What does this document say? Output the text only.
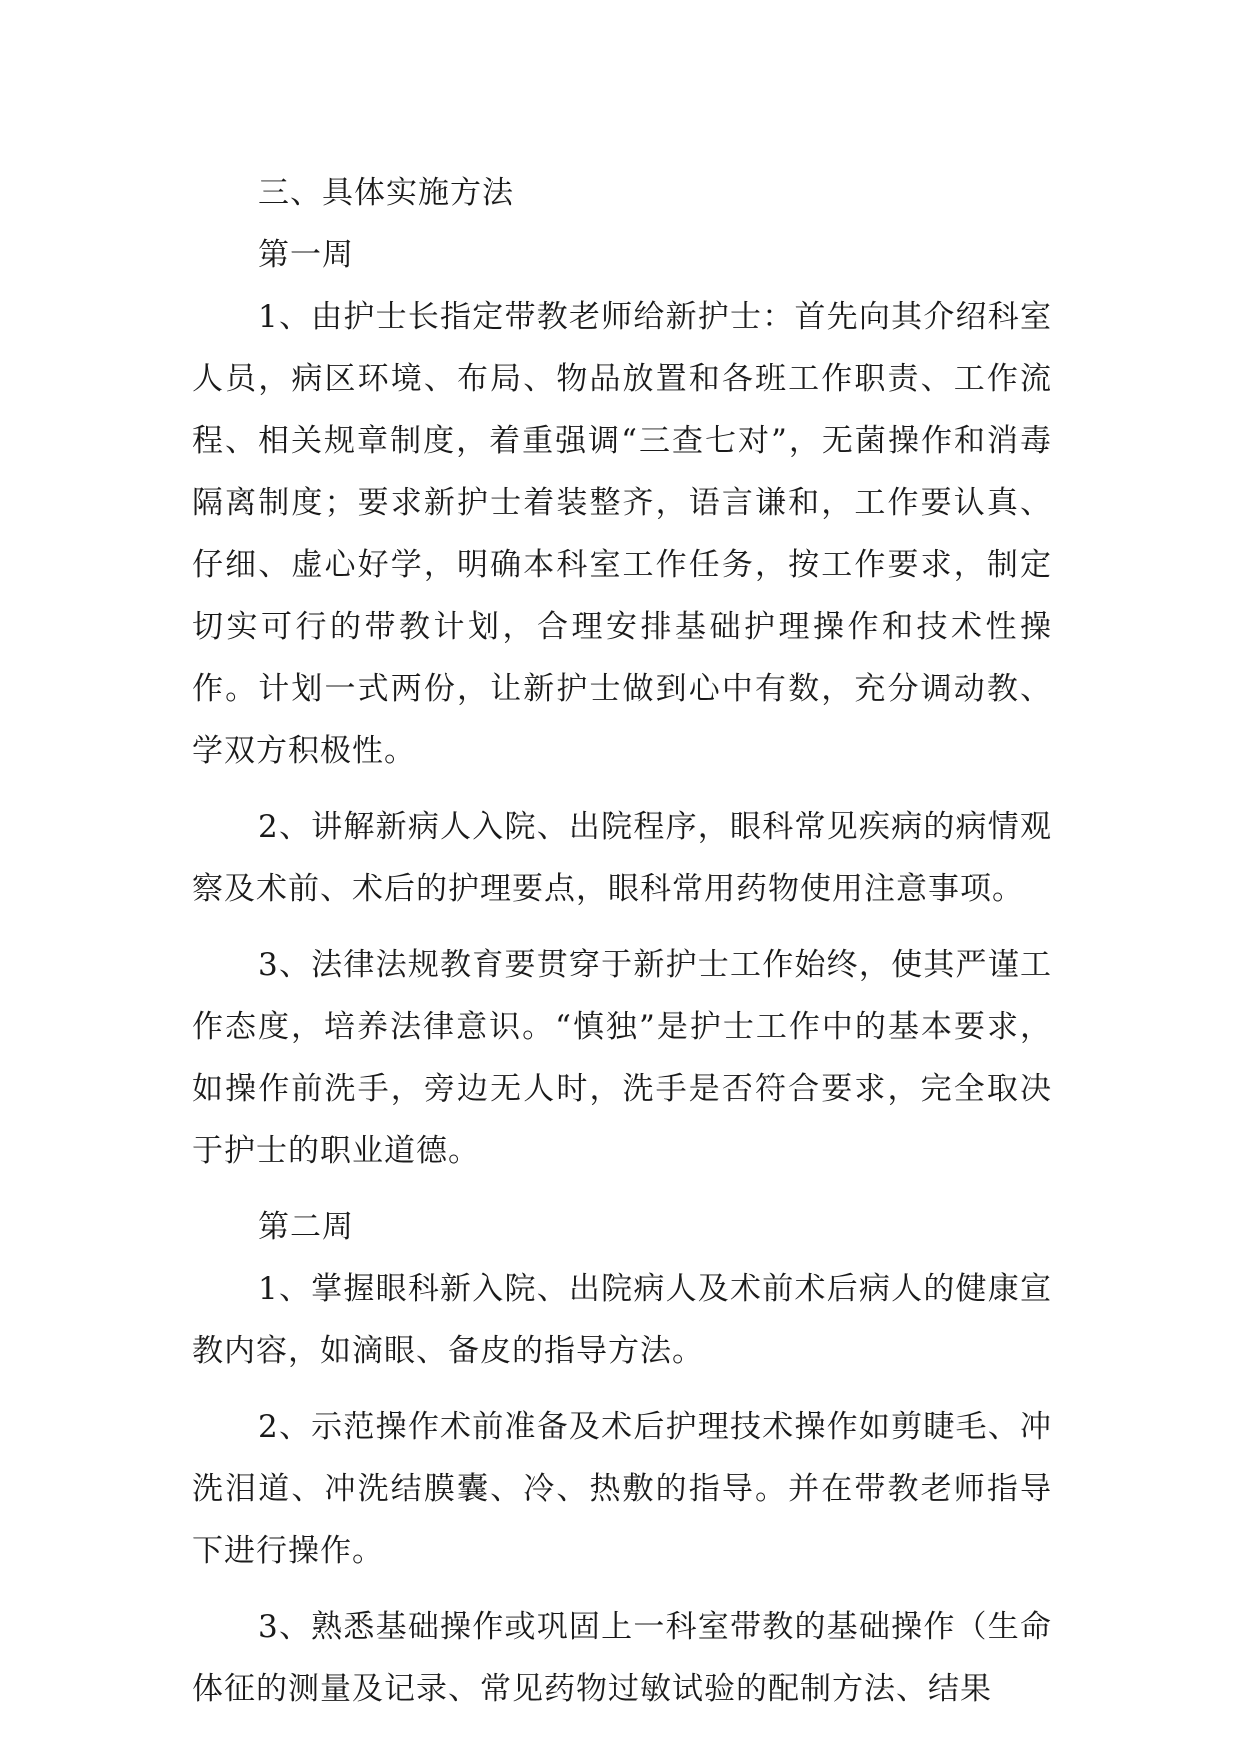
三、具体实施方法

第一周

1、由护士长指定带教老师给新护士：首先向其介绍科室人员，病区环境、布局、物品放置和各班工作职责、工作流程、相关规章制度，着重强调“三查七对”，无菌操作和消毒隔离制度；要求新护士着装整齐，语言谦和，工作要认真、仔细、虚心好学，明确本科室工作任务，按工作要求，制定切实可行的带教计划，合理安排基础护理操作和技术性操作。计划一式两份，让新护士做到心中有数，充分调动教、学双方积极性。

2、讲解新病人入院、出院程序，眼科常见疾病的病情观察及术前、术后的护理要点，眼科常用药物使用注意事项。

3、法律法规教育要贯穿于新护士工作始终，使其严谨工作态度，培养法律意识。“慎独”是护士工作中的基本要求，如操作前洗手，旁边无人时，洗手是否符合要求，完全取决于护士的职业道德。

第二周

1、掌握眼科新入院、出院病人及术前术后病人的健康宣教内容，如滴眼、备皮的指导方法。

2、示范操作术前准备及术后护理技术操作如剪睫毛、冲洗泪道、冲洗结膜囊、冷、热敷的指导。并在带教老师指导下进行操作。

3、熟悉基础操作或巩固上一科室带教的基础操作（生命体征的测量及记录、常见药物过敏试验的配制方法、结果
